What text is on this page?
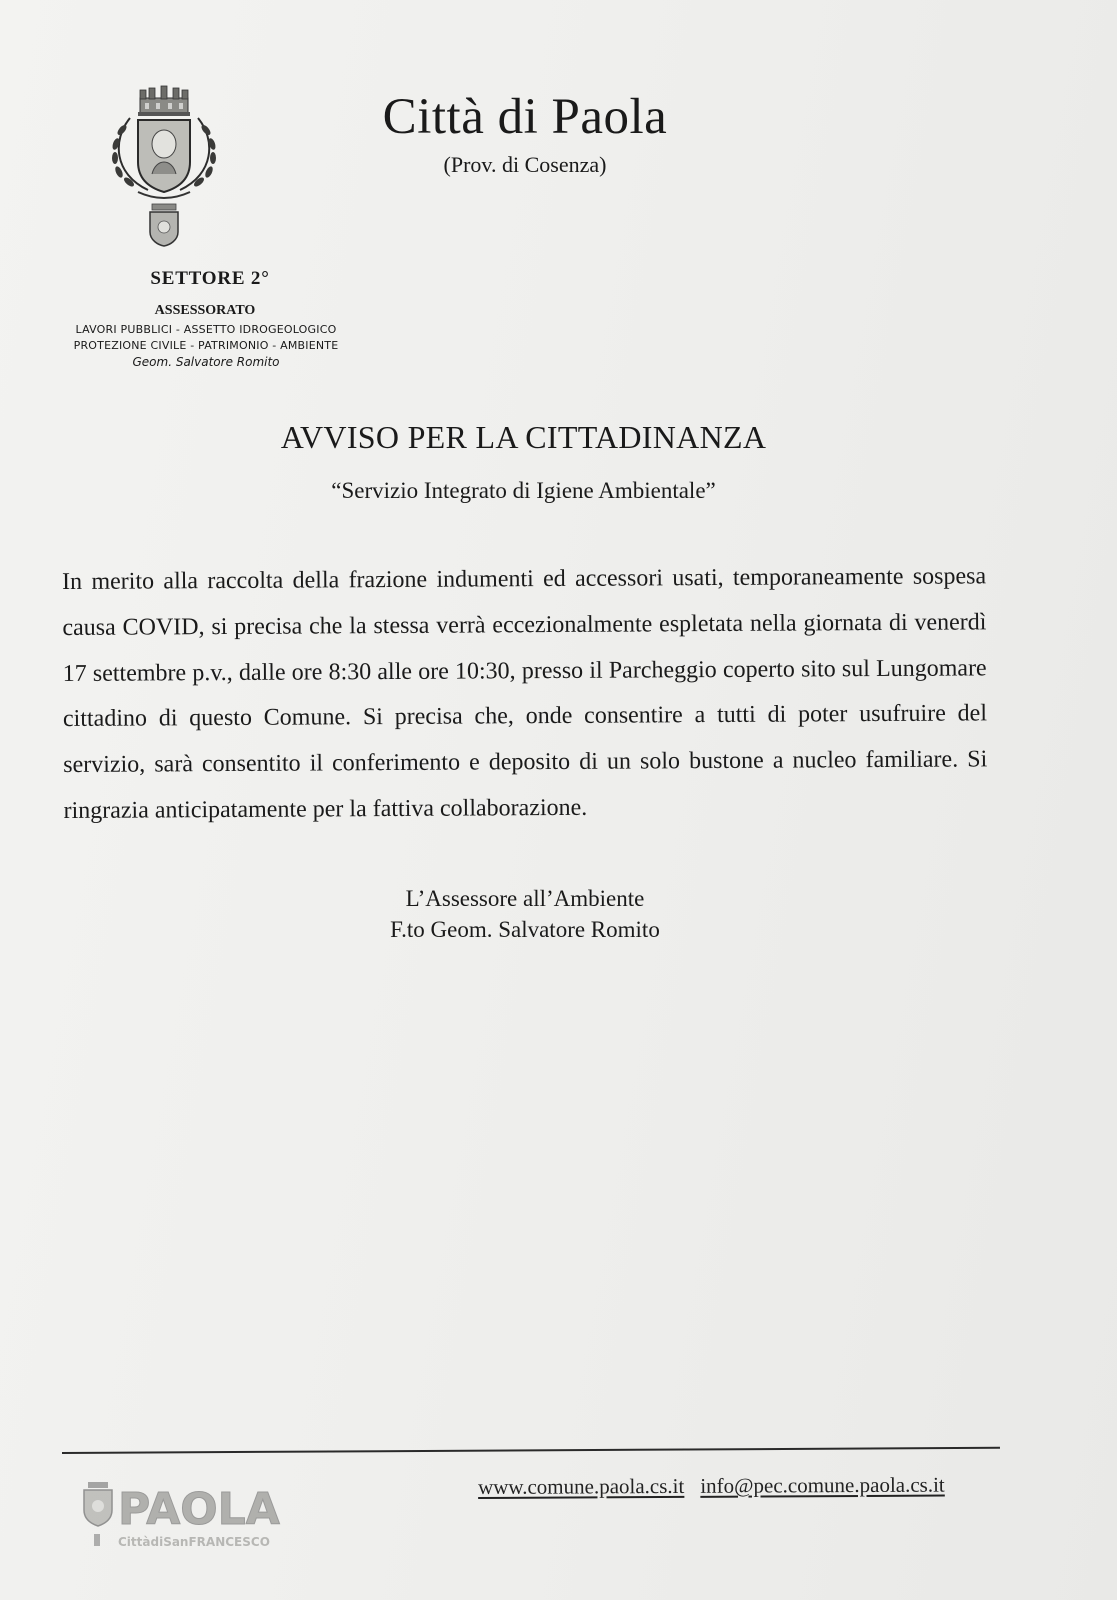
Città di Paola
(Prov. di Cosenza)
SETTORE 2°
ASSESSORATO
LAVORI PUBBLICI - ASSETTO IDROGEOLOGICO
PROTEZIONE CIVILE - PATRIMONIO - AMBIENTE
Geom. Salvatore Romito
AVVISO PER LA CITTADINANZA
“Servizio Integrato di Igiene Ambientale”

In merito alla raccolta della frazione indumenti ed accessori usati, temporaneamente sospesa causa COVID, si precisa che la stessa verrà eccezionalmente espletata nella giornata di venerdì 17 settembre p.v., dalle ore 8:30 alle ore 10:30, presso il Parcheggio coperto sito sul Lungomare cittadino di questo Comune. Si precisa che, onde consentire a tutti di poter usufruire del servizio, sarà consentito il conferimento e deposito di un solo bustone a nucleo familiare. Si ringrazia anticipatamente per la fattiva collaborazione.

L’Assessore all’Ambiente
F.to Geom. Salvatore Romito
PAOLA
CittàdiSanFRANCESCO
www.comune.paola.cs.it info@pec.comune.paola.cs.it
